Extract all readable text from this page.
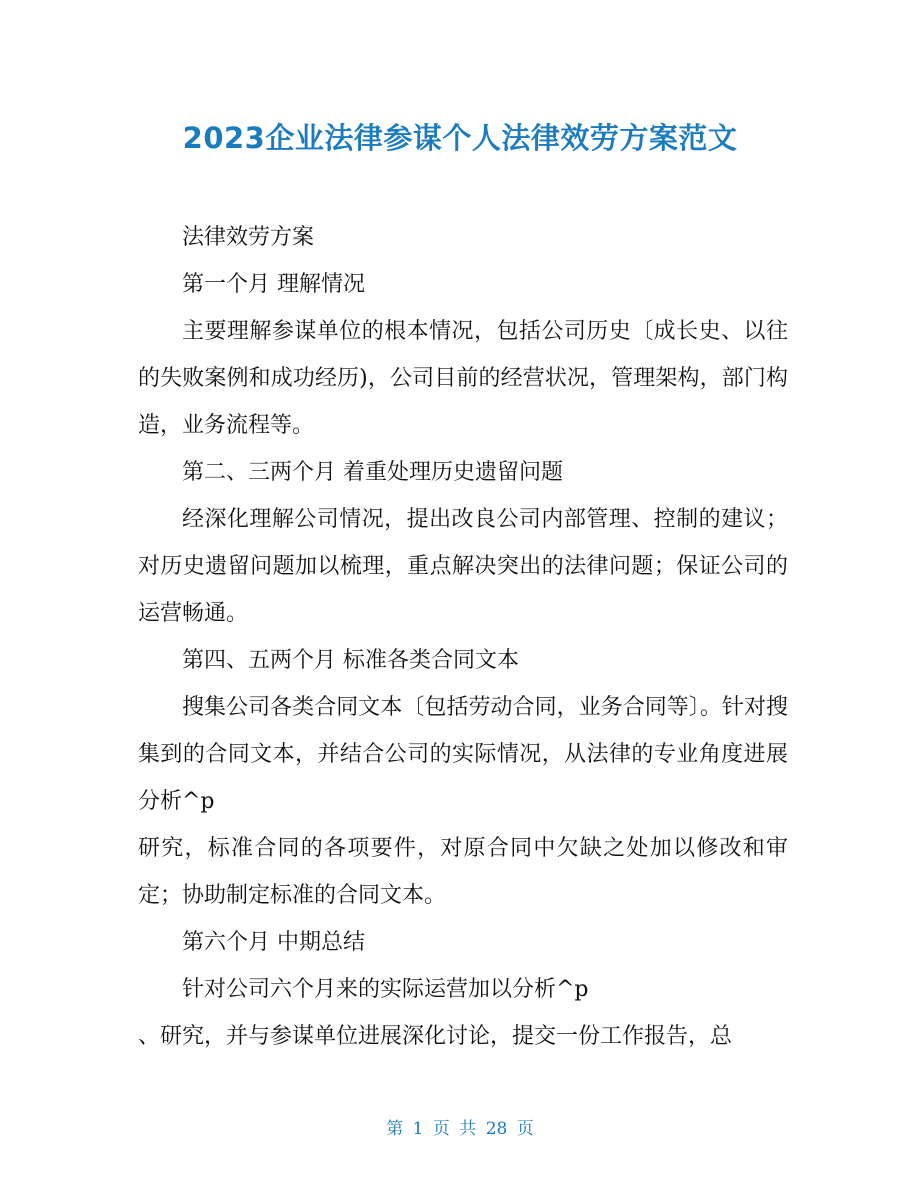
2023企业法律参谋个人法律效劳方案范文

法律效劳方案

第一个月 理解情况

主要理解参谋单位的根本情况，包括公司历史〔成长史、以往的失败案例和成功经历)，公司目前的经营状况，管理架构，部门构造，业务流程等。

第二、三两个月 着重处理历史遗留问题

经深化理解公司情况，提出改良公司内部管理、控制的建议；对历史遗留问题加以梳理，重点解决突出的法律问题；保证公司的运营畅通。

第四、五两个月 标准各类合同文本

搜集公司各类合同文本〔包括劳动合同，业务合同等〕。针对搜集到的合同文本，并结合公司的实际情况，从法律的专业角度进展分析^p

研究，标准合同的各项要件，对原合同中欠缺之处加以修改和审定；协助制定标准的合同文本。

第六个月 中期总结

针对公司六个月来的实际运营加以分析^p

、研究，并与参谋单位进展深化讨论，提交一份工作报告，总

第 1 页 共 28 页
